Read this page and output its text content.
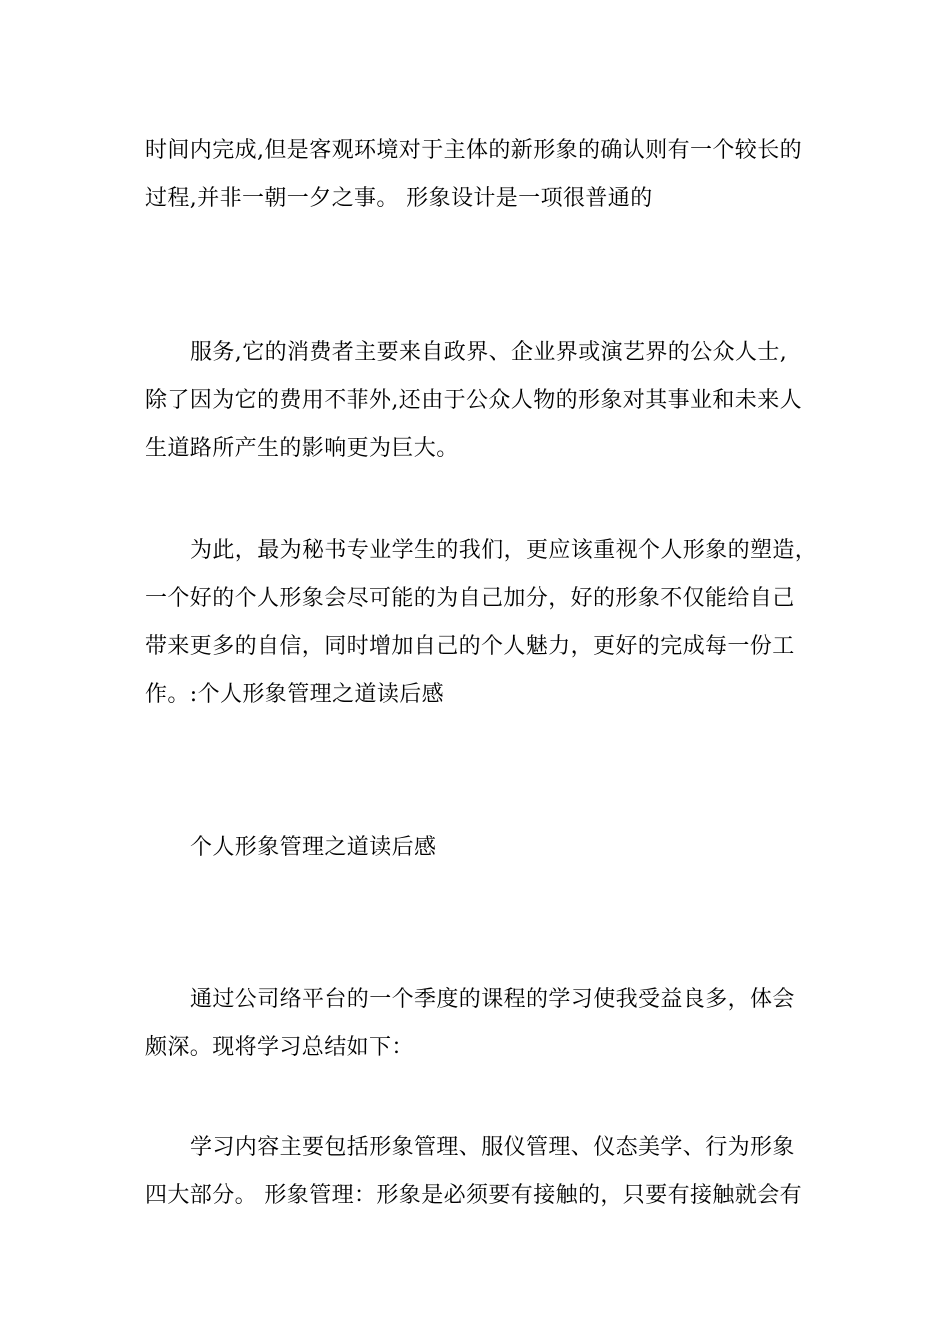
时间内完成,但是客观环境对于主体的新形象的确认则有一个较长的

过程,并非一朝一夕之事。 形象设计是一项很普通的

服务,它的消费者主要来自政界、企业界或演艺界的公众人士,

除了因为它的费用不菲外,还由于公众人物的形象对其事业和未来人

生道路所产生的影响更为巨大。

为此，最为秘书专业学生的我们，更应该重视个人形象的塑造，

一个好的个人形象会尽可能的为自己加分，好的形象不仅能给自己

带来更多的自信，同时增加自己的个人魅力，更好的完成每一份工

作。:个人形象管理之道读后感

个人形象管理之道读后感

通过公司络平台的一个季度的课程的学习使我受益良多，体会

颇深。现将学习总结如下：

学习内容主要包括形象管理、服仪管理、仪态美学、行为形象

四大部分。 形象管理：形象是必须要有接触的，只要有接触就会有
